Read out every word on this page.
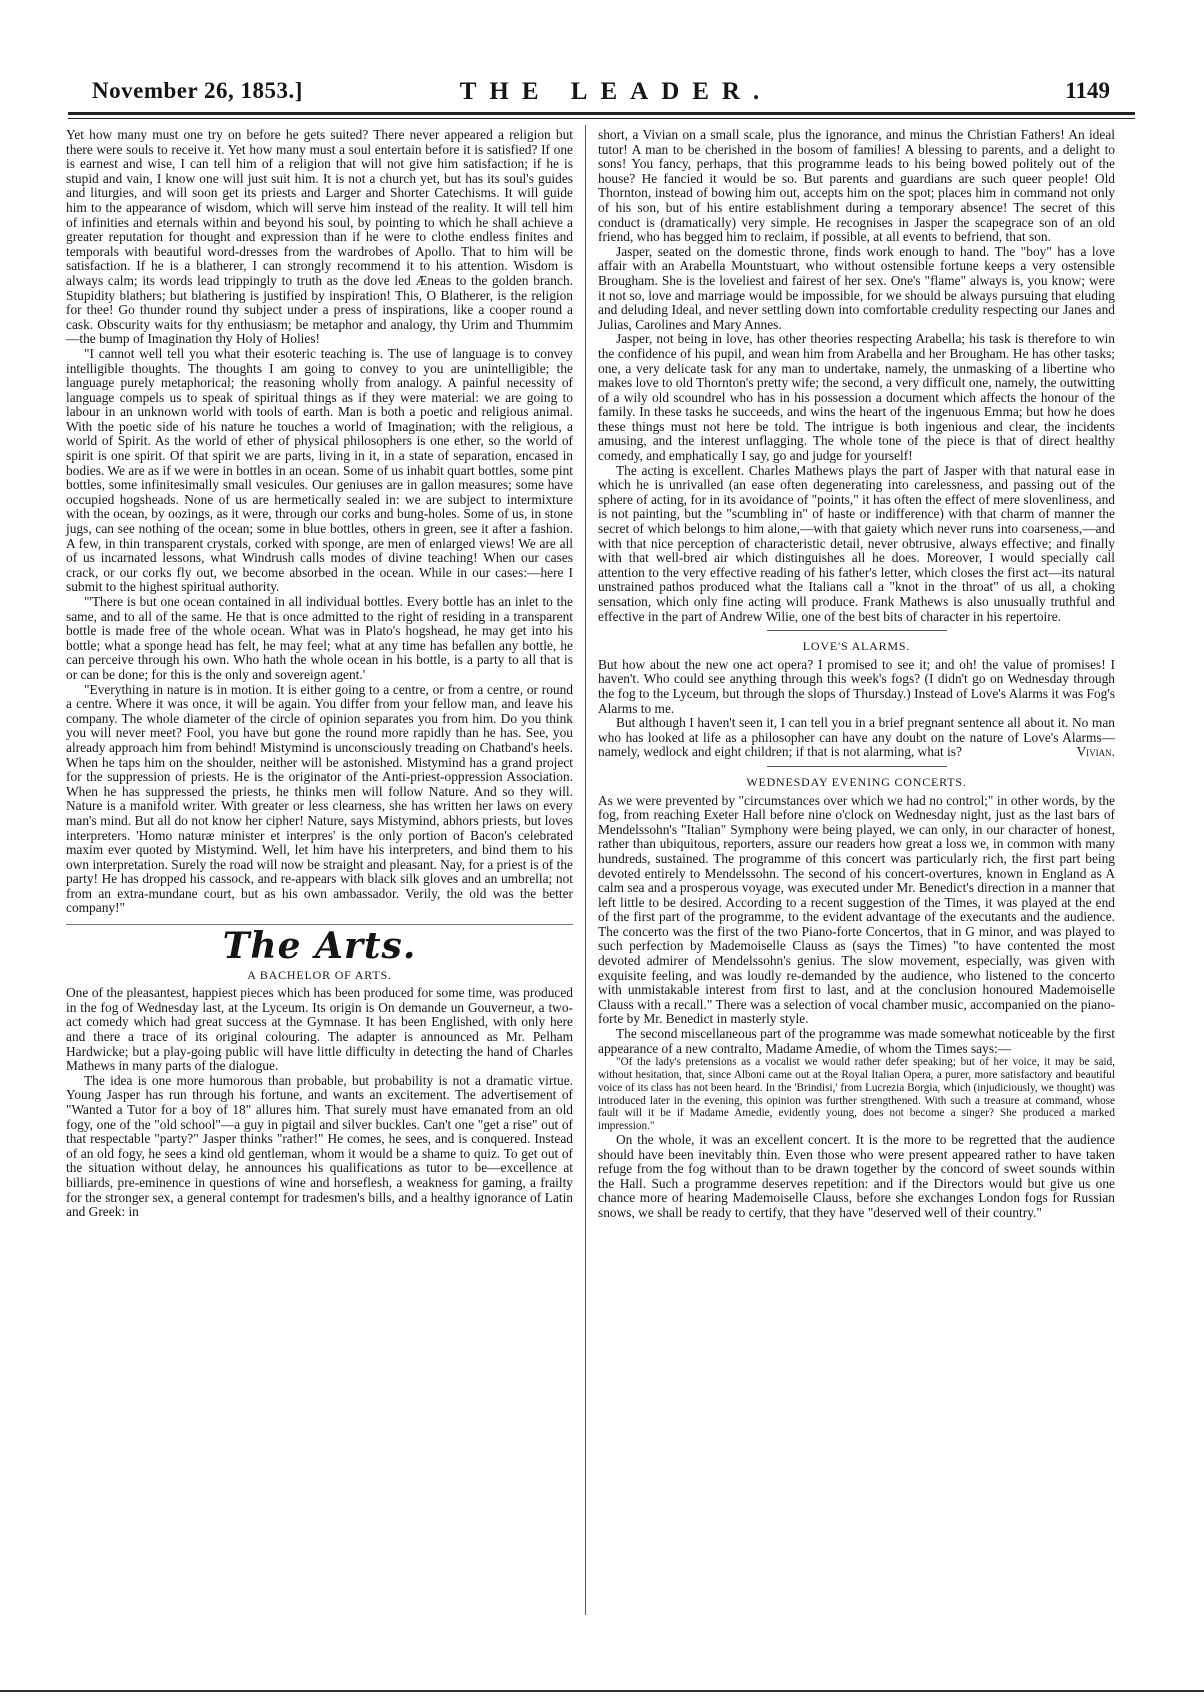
November 26, 1853.]	THE LEADER.	1149

Yet how many must one try on before he gets suited? There never appeared a religion but there were souls to receive it. Yet how many must a soul entertain before it is satisfied? If one is earnest and wise, I can tell him of a religion that will not give him satisfaction; if he is stupid and vain, I know one will just suit him. It is not a church yet, but has its soul's guides and liturgies, and will soon get its priests and Larger and Shorter Catechisms. It will guide him to the appearance of wisdom, which will serve him instead of the reality. It will tell him of infinities and eternals within and beyond his soul, by pointing to which he shall achieve a greater reputation for thought and expression than if he were to clothe endless finites and temporals with beautiful word-dresses from the wardrobes of Apollo. That to him will be satisfaction. If he is a blatherer, I can strongly recommend it to his attention. Wisdom is always calm; its words lead trippingly to truth as the dove led Æneas to the golden branch. Stupidity blathers; but blathering is justified by inspiration! This, O Blatherer, is the religion for thee! Go thunder round thy subject under a press of inspirations, like a cooper round a cask. Obscurity waits for thy enthusiasm; be metaphor and analogy, thy Urim and Thummim—the bump of Imagination thy Holy of Holies!

"I cannot well tell you what their esoteric teaching is. The use of language is to convey intelligible thoughts. The thoughts I am going to convey to you are unintelligible; the language purely metaphorical; the reasoning wholly from analogy. A painful necessity of language compels us to speak of spiritual things as if they were material: we are going to labour in an unknown world with tools of earth. Man is both a poetic and religious animal. With the poetic side of his nature he touches a world of Imagination; with the religious, a world of Spirit. As the world of ether of physical philosophers is one ether, so the world of spirit is one spirit. Of that spirit we are parts, living in it, in a state of separation, encased in bodies. We are as if we were in bottles in an ocean. Some of us inhabit quart bottles, some pint bottles, some infinitesimally small vesicules. Our geniuses are in gallon measures; some have occupied hogsheads. None of us are hermetically sealed in: we are subject to intermixture with the ocean, by oozings, as it were, through our corks and bung-holes. Some of us, in stone jugs, can see nothing of the ocean; some in blue bottles, others in green, see it after a fashion. A few, in thin transparent crystals, corked with sponge, are men of enlarged views! We are all of us incarnated lessons, what Windrush calls modes of divine teaching! When our cases crack, or our corks fly out, we become absorbed in the ocean. While in our cases:—here I submit to the highest spiritual authority.

"'There is but one ocean contained in all individual bottles. Every bottle has an inlet to the same, and to all of the same. He that is once admitted to the right of residing in a transparent bottle is made free of the whole ocean. What was in Plato's hogshead, he may get into his bottle; what a sponge head has felt, he may feel; what at any time has befallen any bottle, he can perceive through his own. Who hath the whole ocean in his bottle, is a party to all that is or can be done; for this is the only and sovereign agent.'

"Everything in nature is in motion. It is either going to a centre, or from a centre, or round a centre. Where it was once, it will be again. You differ from your fellow man, and leave his company. The whole diameter of the circle of opinion separates you from him. Do you think you will never meet? Fool, you have but gone the round more rapidly than he has. See, you already approach him from behind! Mistymind is unconsciously treading on Chatband's heels. When he taps him on the shoulder, neither will be astonished. Mistymind has a grand project for the suppression of priests. He is the originator of the Anti-priest-oppression Association. When he has suppressed the priests, he thinks men will follow Nature. And so they will. Nature is a manifold writer. With greater or less clearness, she has written her laws on every man's mind. But all do not know her cipher! Nature, says Mistymind, abhors priests, but loves interpreters. 'Homo naturæ minister et interpres' is the only portion of Bacon's celebrated maxim ever quoted by Mistymind. Well, let him have his interpreters, and bind them to his own interpretation. Surely the road will now be straight and pleasant. Nay, for a priest is of the party! He has dropped his cassock, and re-appears with black silk gloves and an umbrella; not from an extra-mundane court, but as his own ambassador. Verily, the old was the better company!"

The Arts.
A BACHELOR OF ARTS.

One of the pleasantest, happiest pieces which has been produced for some time, was produced in the fog of Wednesday last, at the Lyceum. Its origin is On demande un Gouverneur, a two-act comedy which had great success at the Gymnase. It has been Englished, with only here and there a trace of its original colouring. The adapter is announced as Mr. Pelham Hardwicke; but a play-going public will have little difficulty in detecting the hand of Charles Mathews in many parts of the dialogue.

The idea is one more humorous than probable, but probability is not a dramatic virtue. Young Jasper has run through his fortune, and wants an excitement. The advertisement of "Wanted a Tutor for a boy of 18" allures him. That surely must have emanated from an old fogy, one of the "old school"—a guy in pigtail and silver buckles. Can't one "get a rise" out of that respectable "party?" Jasper thinks "rather!" He comes, he sees, and is conquered. Instead of an old fogy, he sees a kind old gentleman, whom it would be a shame to quiz. To get out of the situation without delay, he announces his qualifications as tutor to be—excellence at billiards, pre-eminence in questions of wine and horseflesh, a weakness for gaming, a frailty for the stronger sex, a general contempt for tradesmen's bills, and a healthy ignorance of Latin and Greek: in

short, a Vivian on a small scale, plus the ignorance, and minus the Christian Fathers! An ideal tutor! A man to be cherished in the bosom of families! A blessing to parents, and a delight to sons! You fancy, perhaps, that this programme leads to his being bowed politely out of the house? He fancied it would be so. But parents and guardians are such queer people! Old Thornton, instead of bowing him out, accepts him on the spot; places him in command not only of his son, but of his entire establishment during a temporary absence! The secret of this conduct is (dramatically) very simple. He recognises in Jasper the scapegrace son of an old friend, who has begged him to reclaim, if possible, at all events to befriend, that son.

Jasper, seated on the domestic throne, finds work enough to hand. The "boy" has a love affair with an Arabella Mountstuart, who without ostensible fortune keeps a very ostensible Brougham. She is the loveliest and fairest of her sex. One's "flame" always is, you know; were it not so, love and marriage would be impossible, for we should be always pursuing that eluding and deluding Ideal, and never settling down into comfortable credulity respecting our Janes and Julias, Carolines and Mary Annes.

Jasper, not being in love, has other theories respecting Arabella; his task is therefore to win the confidence of his pupil, and wean him from Arabella and her Brougham. He has other tasks; one, a very delicate task for any man to undertake, namely, the unmasking of a libertine who makes love to old Thornton's pretty wife; the second, a very difficult one, namely, the outwitting of a wily old scoundrel who has in his possession a document which affects the honour of the family. In these tasks he succeeds, and wins the heart of the ingenuous Emma; but how he does these things must not here be told. The intrigue is both ingenious and clear, the incidents amusing, and the interest unflagging. The whole tone of the piece is that of direct healthy comedy, and emphatically I say, go and judge for yourself!

The acting is excellent. Charles Mathews plays the part of Jasper with that natural ease in which he is unrivalled (an ease often degenerating into carelessness, and passing out of the sphere of acting, for in its avoidance of "points," it has often the effect of mere slovenliness, and is not painting, but the "scumbling in" of haste or indifference) with that charm of manner the secret of which belongs to him alone,—with that gaiety which never runs into coarseness,—and with that nice perception of characteristic detail, never obtrusive, always effective; and finally with that well-bred air which distinguishes all he does. Moreover, I would specially call attention to the very effective reading of his father's letter, which closes the first act—its natural unstrained pathos produced what the Italians call a "knot in the throat" of us all, a choking sensation, which only fine acting will produce. Frank Mathews is also unusually truthful and effective in the part of Andrew Wilie, one of the best bits of character in his repertoire.

LOVE'S ALARMS.

But how about the new one act opera? I promised to see it; and oh! the value of promises! I haven't. Who could see anything through this week's fogs? (I didn't go on Wednesday through the fog to the Lyceum, but through the slops of Thursday.) Instead of Love's Alarms it was Fog's Alarms to me.

But although I haven't seen it, I can tell you in a brief pregnant sentence all about it. No man who has looked at life as a philosopher can have any doubt on the nature of Love's Alarms—namely, wedlock and eight children; if that is not alarming, what is?	Vivian.

WEDNESDAY EVENING CONCERTS.

As we were prevented by "circumstances over which we had no control;" in other words, by the fog, from reaching Exeter Hall before nine o'clock on Wednesday night, just as the last bars of Mendelssohn's "Italian" Symphony were being played, we can only, in our character of honest, rather than ubiquitous, reporters, assure our readers how great a loss we, in common with many hundreds, sustained. The programme of this concert was particularly rich, the first part being devoted entirely to Mendelssohn. The second of his concert-overtures, known in England as A calm sea and a prosperous voyage, was executed under Mr. Benedict's direction in a manner that left little to be desired. According to a recent suggestion of the Times, it was played at the end of the first part of the programme, to the evident advantage of the executants and the audience. The concerto was the first of the two Piano-forte Concertos, that in G minor, and was played to such perfection by Mademoiselle Clauss as (says the Times) "to have contented the most devoted admirer of Mendelssohn's genius. The slow movement, especially, was given with exquisite feeling, and was loudly re-demanded by the audience, who listened to the concerto with unmistakable interest from first to last, and at the conclusion honoured Mademoiselle Clauss with a recall." There was a selection of vocal chamber music, accompanied on the piano-forte by Mr. Benedict in masterly style.

The second miscellaneous part of the programme was made somewhat noticeable by the first appearance of a new contralto, Madame Amedie, of whom the Times says:—

"Of the lady's pretensions as a vocalist we would rather defer speaking; but of her voice, it may be said, without hesitation, that, since Alboni came out at the Royal Italian Opera, a purer, more satisfactory and beautiful voice of its class has not been heard. In the 'Brindisi,' from Lucrezia Borgia, which (injudiciously, we thought) was introduced later in the evening, this opinion was further strengthened. With such a treasure at command, whose fault will it be if Madame Amedie, evidently young, does not become a singer? She produced a marked impression."

On the whole, it was an excellent concert. It is the more to be regretted that the audience should have been inevitably thin. Even those who were present appeared rather to have taken refuge from the fog without than to be drawn together by the concord of sweet sounds within the Hall. Such a programme deserves repetition: and if the Directors would but give us one chance more of hearing Mademoiselle Clauss, before she exchanges London fogs for Russian snows, we shall be ready to certify, that they have "deserved well of their country."
